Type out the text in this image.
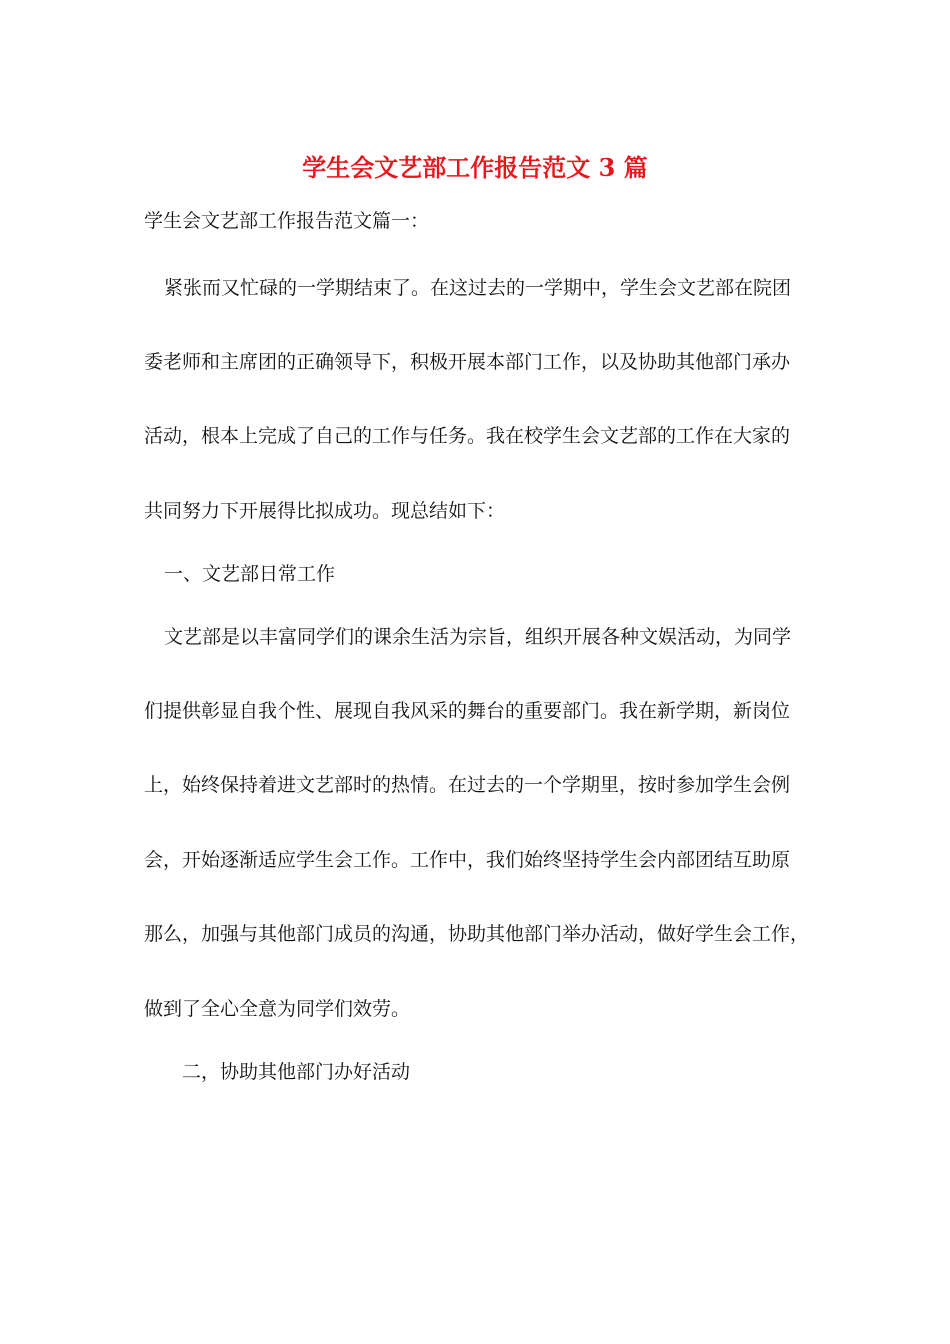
学生会文艺部工作报告范文 3 篇
学生会文艺部工作报告范文篇一：
紧张而又忙碌的一学期结束了。在这过去的一学期中，学生会文艺部在院团
委老师和主席团的正确领导下，积极开展本部门工作，以及协助其他部门承办
活动，根本上完成了自己的工作与任务。我在校学生会文艺部的工作在大家的
共同努力下开展得比拟成功。现总结如下：
一、文艺部日常工作
文艺部是以丰富同学们的课余生活为宗旨，组织开展各种文娱活动，为同学
们提供彰显自我个性、展现自我风采的舞台的重要部门。我在新学期，新岗位
上，始终保持着进文艺部时的热情。在过去的一个学期里，按时参加学生会例
会，开始逐渐适应学生会工作。工作中，我们始终坚持学生会内部团结互助原
那么，加强与其他部门成员的沟通，协助其他部门举办活动，做好学生会工作，
做到了全心全意为同学们效劳。
二，协助其他部门办好活动
